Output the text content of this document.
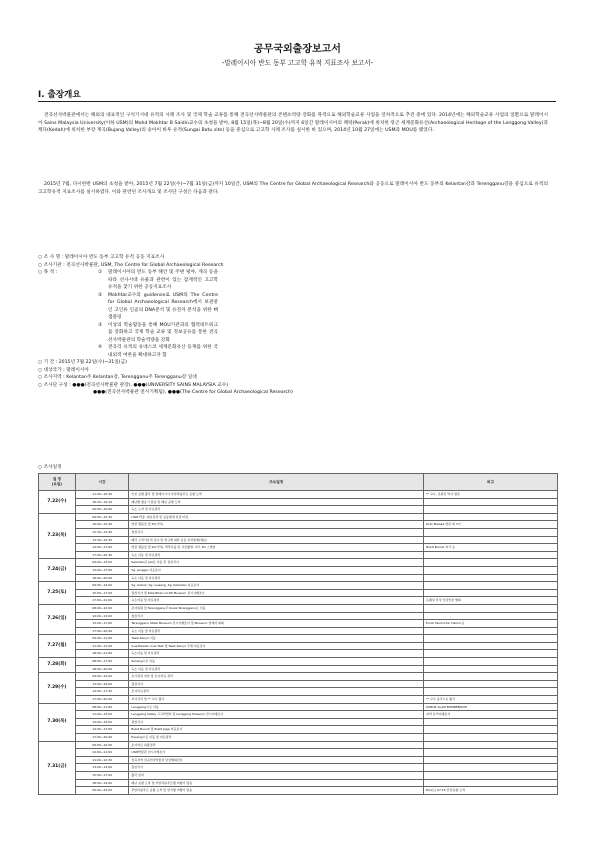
공무국외출장보고서
-말레이시아 반도 동부 고고학 유적 지표조사 보고서-
Ⅰ. 출장개요

전곡선사박물관에서는 해외의 대표적인 구석기시대 유적의 사례 조사 및 국제 학술 교류를 통해 전곡선사박물관의 콘텐츠역량 강화를 목적으로 해외학술교류 사업을 연차적으로 추진 중에 있다. 2014년에는 해외학술교류 사업의 일환으로 말레이시아 Sains Malaysia University(이하 USM)의 Mohd Mokhtar B Saidin교수의 초청을 받아, 8월 15일(목)~8월 20일(수)까지 6일간 말레이시아의 페락(Perak)에 위치한 랑곤 세계문화유산(Archaeological Heritage of the Lenggong Valley)과 케다(Kedah)에 위치한 부장 계곡(Bujang Valley)의 숭아이 바투 유적(Sungai Batu site) 등을 중심으로 고고학 사례 조사를 실시한 바 있으며, 2014년 10월 27일에는 USM과 MOU를 맺었다.

2015년 7월, 다시한번 USM의 초청을 받아, 2015년 7월 22일(수)~7월 31일(금)까지 10일간, USM의 The Centre for Global Archaeological Research와 공동으로 말레이시아 반도 동부의 Kelantan강과 Terengganu강을 중심으로 유적의 고고학유적 지표조사를 실시하였다. 이와 관련된 조사개요 및 조사단 구성은 다음과 같다.

○ 조 사 명 : 말레이시아 반도 동부 고고학 유적 공동 지표조사
○ 조사기관 : 전곡선사박물관, USM, The Centre for Global Archaeological Research
○ 목 적 :	① 말레이시아의 반도 동부 해안 및 주변 평야, 계곡 등을 따라 선사시대 유물과 관련이 있는 잠재적인 고고학 유적을 찾기 위한 공동지표조사
② Mokhtar교수의 guidence로 USM의 The Centre for Global Archaeological Research에서 보관중인 고인류 인골의 DNA분석 및 유전자 분석을 위한 뼈 샘플링
③ 이상의 학술활동을 통해 MOU기관과의 협력네트워크를 강화하고 국제 학술 교류 및 정보공유를 통한 전곡선사박물관의 학술역량을 강화
④ 전곡리 유적의 유네스코 세계문화유산 등재를 위한 국내외적 여론을 확대하고자 함
○ 기 간 : 2015년 7월 22일(수)~31일(금)
○ 대상국가 : 말레이시아
○ 조사지역 : Kelantan주 Kelantan강, Terengganu주 Terengganu강 일대
○ 조사단 구성 : ●●●(전곡선사박물관 관장), ●●●(UNIVERSITY SAINS MALAYSIA 교수)
●●●(전곡선사박물관 전시기획팀), ●●●(The Centre for Global Archaeological Research)
○ 조사일정
일 정
(요일)	시간	주요일정	비고
7.22(수)	11:00~15:30	인천 공항 출국 및 말레이시아 쿠알라룸푸르 공항 도착	** 교수, 조원진 박사 합류
	16:20~19:10	페낭행 항공기 탑승 및 페낭 공항 도착	
	20:00~10:00	숙소 도착 및 자료정리	
7.23(목)	09:00~10:30	USM 학장, 의료진과 및 공동협정 일정 미팅	
	10:00~12:30	연골 샘플링 및 ID(기억)	Koto Melaka 연골 외 3기
	12:30~13:30	점심식사	
	13:30~14:30	페락 구석기유적 조사 및 연구에 의한 동굴 조치현재(예)보	
	14:00~17:00	연골 샘플링 및 ID(기억), 색깍이를 및 사진촬영, 씨기 3D 스캐닝	Bukit Bunuh 씨기 등
	17:00~20:30	숙소 이동 및 자료정리	
7.24(금)	09:00~13:00	Kelantan주 Jeli로 이동 및 점심식사	
	13:00~17:00	Sg. Jenggul 지표조사	
	18:00~20:00	숙소 이동 및 자료정리	
7.25(토)	09:00~14:00	Sg. Gobok, Sg. Gusang, Sg. Kelantan 지표조사	
	15:00~17:00	점심식사 및 Kota Bharu Craft Museum 전시사례조사	
	17:00~21:00	숙소이동 및 자료정리	돈웨딩 작성 인류인골 협의
7.26(일)	08:00~12:00	조사위원 및 Terengganu주 Kuala Terengganu로 이동	
	12:00~13:00	점심식사	
	13:00~17:00	Terengganu State Museum 전시사례조사 및 Museum 관계자 회의	Encik Tauhid bin Hamzi 등
	17:00~20:00	숙소 이동 및 자료정리	
7.27(월)	09:00~11:00	Tasik Kenyir 이동	
	11:00~17:00	Gua Bewah, Gua Taat 및 Tasik Kenyir 주변 지표조사	
	18:00~21:00	숙소이동 및 자료정리	
7.28(화)	08:00~17:00	Penang으로 이동	
	18:00~20:00	숙소 이동 및 자료정리	
7.29(수)	09:00~12:00	조사결과 야담 및 조사자료 정리	
	13:00~14:00	점심식사	
	14:00~17:30	조사자료정리	
	17:00~20:00	자국서서 및 ** 교수 출국	** 교수 중국으로 출국
7.30(목)	08:00~11:00	Lenggong으로 이동	KUBUR ALAM BOMBEBOCIE
	11:00~13:00	Lenggong Valley 고고학센터 및 Lenggong Museum 전시사례조사	지역 유적사례조사
	13:00~14:00	점심식사	
	14:00~17:00	Bukit Bunuh 및 Bukit Jaga 지표조사	
	17:00~20:00	Penang으로 이동 및 자료정리	
7.31(금)	09:00~10:00	조사자료 최종정리	
	10:00~11:00	USM박물관 전시사례조사	
	11:00~12:30	전곡지역 전곡선사박물관 담당협의진보	
	13:00~14:00	점심식사	
	15:00~17:00	출국 준비	
	18:00~19:00	페낭 공항 도착 및 쿠알라룸푸르행 비행기 탑승	
	20:00~23:00	쿠알라룸푸르 공항 도착 및 한국행 비행기 탑승	8/1(토) 07:15 인천공항 도착
